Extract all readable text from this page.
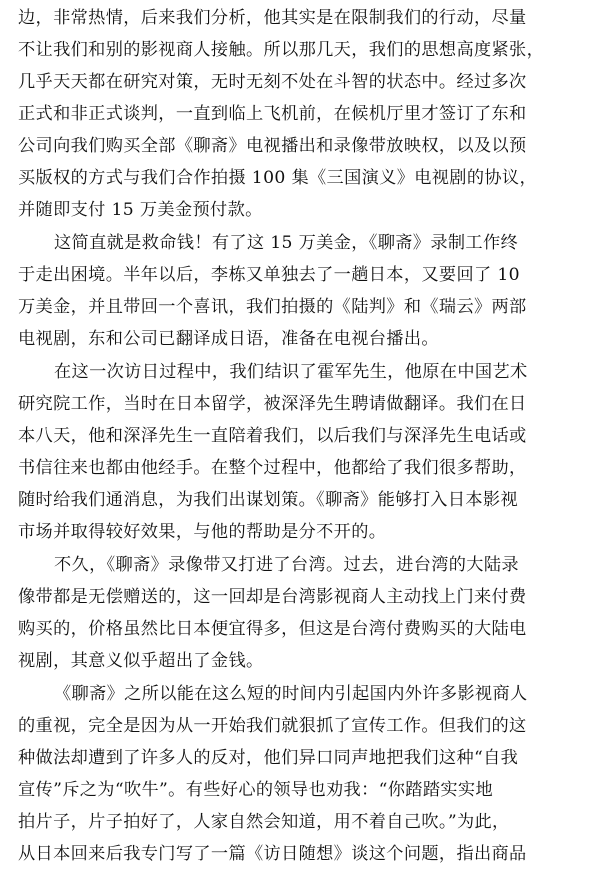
边，非常热情，后来我们分析，他其实是在限制我们的行动，尽量
不让我们和别的影视商人接触。所以那几天，我们的思想高度紧张，
几乎天天都在研究对策，无时无刻不处在斗智的状态中。经过多次
正式和非正式谈判，一直到临上飞机前，在候机厅里才签订了东和
公司向我们购买全部《聊斋》电视播出和录像带放映权，以及以预
买版权的方式与我们合作拍摄 100 集《三国演义》电视剧的协议，
并随即支付 15 万美金预付款。
这简直就是救命钱！有了这 15 万美金，《聊斋》录制工作终
于走出困境。半年以后，李栋又单独去了一趟日本，又要回了 10
万美金，并且带回一个喜讯，我们拍摄的《陆判》和《瑞云》两部
电视剧，东和公司已翻译成日语，准备在电视台播出。
在这一次访日过程中，我们结识了霍军先生，他原在中国艺术
研究院工作，当时在日本留学，被深泽先生聘请做翻译。我们在日
本八天，他和深泽先生一直陪着我们，以后我们与深泽先生电话或
书信往来也都由他经手。在整个过程中，他都给了我们很多帮助，
随时给我们通消息，为我们出谋划策。《聊斋》能够打入日本影视
市场并取得较好效果，与他的帮助是分不开的。
不久，《聊斋》录像带又打进了台湾。过去，进台湾的大陆录
像带都是无偿赠送的，这一回却是台湾影视商人主动找上门来付费
购买的，价格虽然比日本便宜得多，但这是台湾付费购买的大陆电
视剧，其意义似乎超出了金钱。
《聊斋》之所以能在这么短的时间内引起国内外许多影视商人
的重视，完全是因为从一开始我们就狠抓了宣传工作。但我们的这
种做法却遭到了许多人的反对，他们异口同声地把我们这种“自我
宣传”斥之为“吹牛”。有些好心的领导也劝我：“你踏踏实实地
拍片子，片子拍好了，人家自然会知道，用不着自己吹。”为此，
从日本回来后我专门写了一篇《访日随想》谈这个问题，指出商品
